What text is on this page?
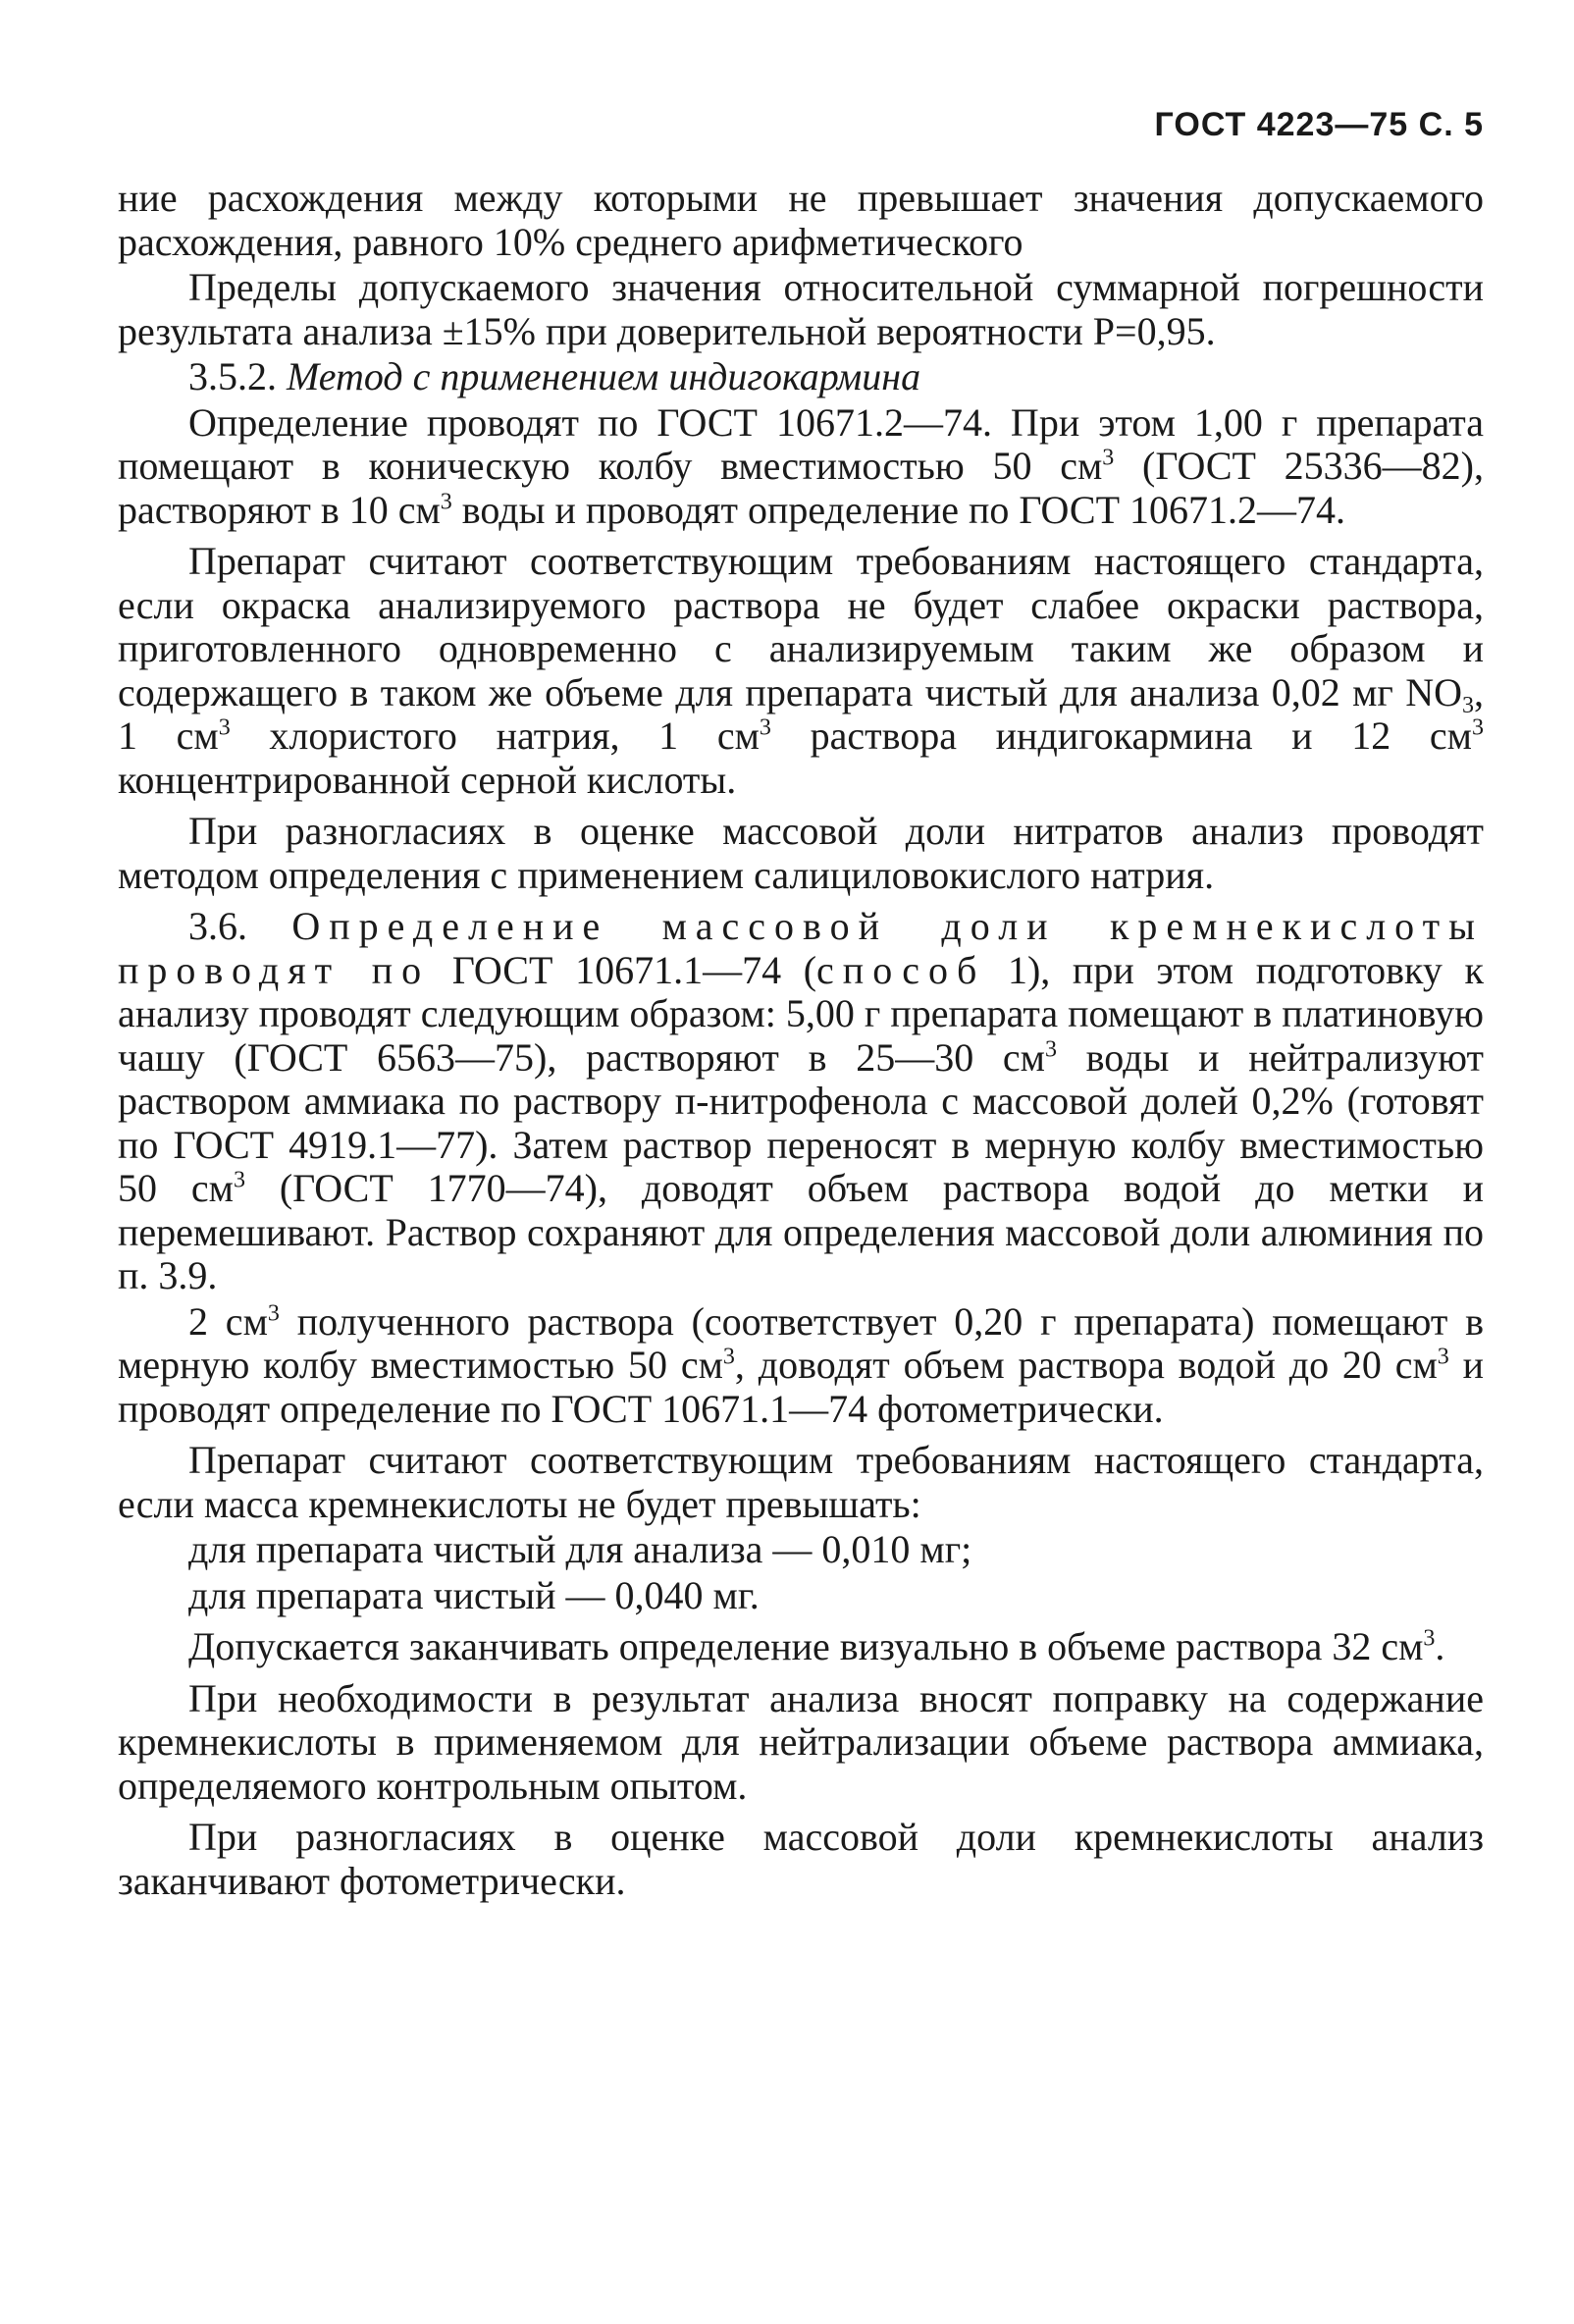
ГОСТ 4223—75 С. 5

ние расхождения между которыми не превышает значения допускаемого расхождения, равного 10% среднего арифметического

Пределы допускаемого значения относительной суммарной погрешности результата анализа ±15% при доверительной вероятности Р=0,95.

3.5.2. Метод с применением индигокармина

Определение проводят по ГОСТ 10671.2—74. При этом 1,00 г препарата помещают в коническую колбу вместимостью 50 $см^3$ (ГОСТ 25336—82), растворяют в 10 $см^3$ воды и проводят определение по ГОСТ 10671.2—74.

Препарат считают соответствующим требованиям настоящего стандарта, если окраска анализируемого раствора не будет слабее окраски раствора, приготовленного одновременно с анализируемым таким же образом и содержащего в таком же объеме для препарата чистый для анализа 0,02 мг $NO_3$, 1 $см^3$ хлористого натрия, 1 $см^3$ раствора индигокармина и 12 $см^3$ концентрированной серной кислоты.

При разногласиях в оценке массовой доли нитратов анализ проводят методом определения с применением салициловокислого натрия.

3.6. Определение массовой доли кремнекислоты проводят по ГОСТ 10671.1—74 (способ 1), при этом подготовку к анализу проводят следующим образом: 5,00 г препарата помещают в платиновую чашу (ГОСТ 6563—75), растворяют в 25—30 $см^3$ воды и нейтрализуют раствором аммиака по раствору п-нитрофенола с массовой долей 0,2% (готовят по ГОСТ 4919.1—77). Затем раствор переносят в мерную колбу вместимостью 50 $см^3$ (ГОСТ 1770—74), доводят объем раствора водой до метки и перемешивают. Раствор сохраняют для определения массовой доли алюминия по п. 3.9.

2 $см^3$ полученного раствора (соответствует 0,20 г препарата) помещают в мерную колбу вместимостью 50 $см^3$, доводят объем раствора водой до 20 $см^3$ и проводят определение по ГОСТ 10671.1—74 фотометрически.

Препарат считают соответствующим требованиям настоящего стандарта, если масса кремнекислоты не будет превышать:

для препарата чистый для анализа — 0,010 мг;

для препарата чистый — 0,040 мг.

Допускается заканчивать определение визуально в объеме раствора 32 $см^3$.

При необходимости в результат анализа вносят поправку на содержание кремнекислоты в применяемом для нейтрализации объеме раствора аммиака, определяемого контрольным опытом.

При разногласиях в оценке массовой доли кремнекислоты анализ заканчивают фотометрически.
